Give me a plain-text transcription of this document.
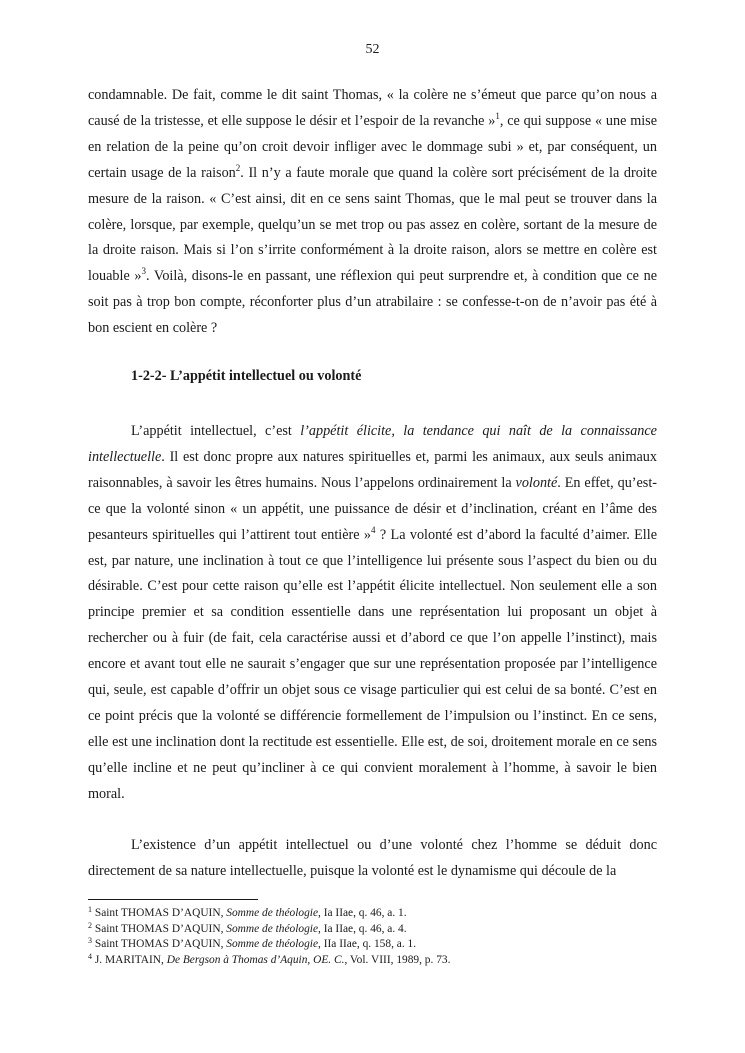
52

condamnable. De fait, comme le dit saint Thomas, « la colère ne s’émeut que parce qu’on nous a causé de la tristesse, et elle suppose le désir et l’espoir de la revanche »$^1$, ce qui suppose « une mise en relation de la peine qu’on croit devoir infliger avec le dommage subi » et, par conséquent, un certain usage de la raison$^2$. Il n’y a faute morale que quand la colère sort précisément de la droite mesure de la raison. « C’est ainsi, dit en ce sens saint Thomas, que le mal peut se trouver dans la colère, lorsque, par exemple, quelqu’un se met trop ou pas assez en colère, sortant de la mesure de la droite raison. Mais si l’on s’irrite conformément à la droite raison, alors se mettre en colère est louable »$^3$. Voilà, disons-le en passant, une réflexion qui peut surprendre et, à condition que ce ne soit pas à trop bon compte, réconforter plus d’un atrabilaire : se confesse-t-on de n’avoir pas été à bon escient en colère ?

1-2-2- L’appétit intellectuel ou volonté

L’appétit intellectuel, c’est l’appétit élicite, la tendance qui naît de la connaissance intellectuelle. Il est donc propre aux natures spirituelles et, parmi les animaux, aux seuls animaux raisonnables, à savoir les êtres humains. Nous l’appelons ordinairement la volonté. En effet, qu’est-ce que la volonté sinon « un appétit, une puissance de désir et d’inclination, créant en l’âme des pesanteurs spirituelles qui l’attirent tout entière »$^4$ ? La volonté est d’abord la faculté d’aimer. Elle est, par nature, une inclination à tout ce que l’intelligence lui présente sous l’aspect du bien ou du désirable. C’est pour cette raison qu’elle est l’appétit élicite intellectuel. Non seulement elle a son principe premier et sa condition essentielle dans une représentation lui proposant un objet à rechercher ou à fuir (de fait, cela caractérise aussi et d’abord ce que l’on appelle l’instinct), mais encore et avant tout elle ne saurait s’engager que sur une représentation proposée par l’intelligence qui, seule, est capable d’offrir un objet sous ce visage particulier qui est celui de sa bonté. C’est en ce point précis que la volonté se différencie formellement de l’impulsion ou l’instinct. En ce sens, elle est une inclination dont la rectitude est essentielle. Elle est, de soi, droitement morale en ce sens qu’elle incline et ne peut qu’incliner à ce qui convient moralement à l’homme, à savoir le bien moral.

L’existence d’un appétit intellectuel ou d’une volonté chez l’homme se déduit donc directement de sa nature intellectuelle, puisque la volonté est le dynamisme qui découle de la

$^1$ Saint THOMAS D’AQUIN, Somme de théologie, Ia IIae, q. 46, a. 1.
$^2$ Saint THOMAS D’AQUIN, Somme de théologie, Ia IIae, q. 46, a. 4.
$^3$ Saint THOMAS D’AQUIN, Somme de théologie, IIa IIae, q. 158, a. 1.
$^4$ J. MARITAIN, De Bergson à Thomas d’Aquin, OE. C., Vol. VIII, 1989, p. 73.
